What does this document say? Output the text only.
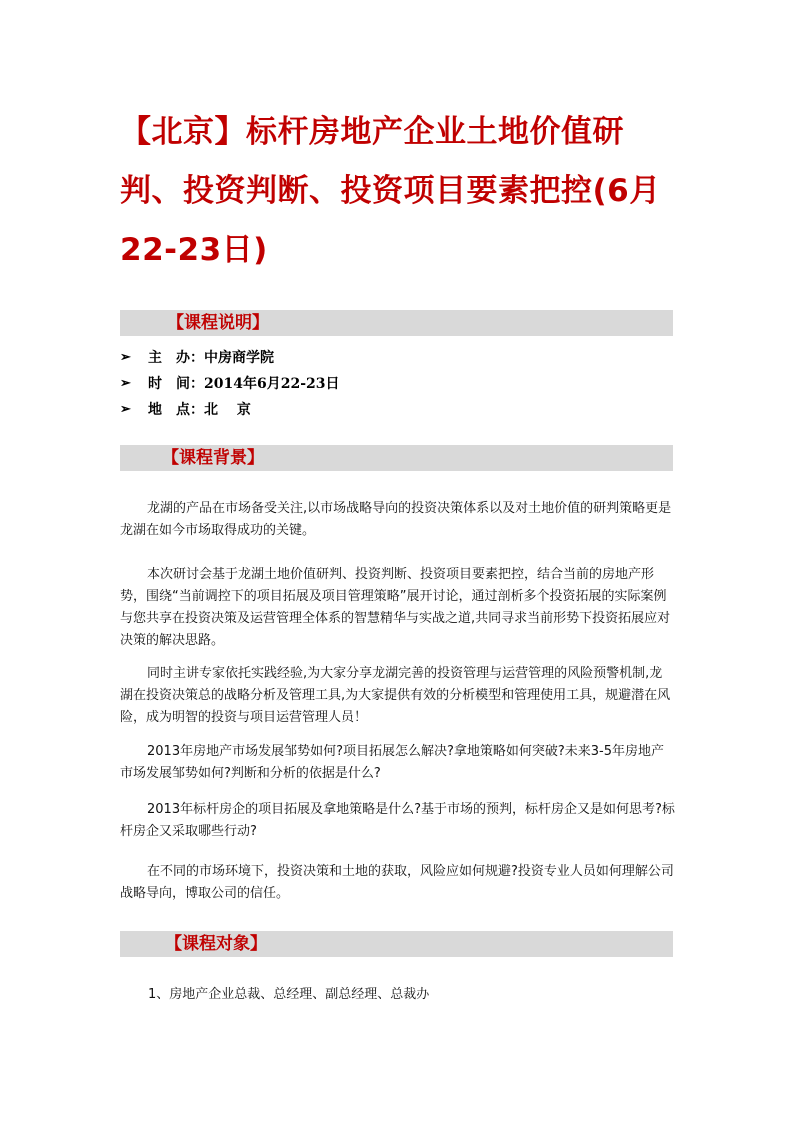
【北京】标杆房地产企业土地价值研判、投资判断、投资项目要素把控(6月22-23日)
【课程说明】
➢ 主　办：中房商学院
➢ 时　间：2014年6月22-23日
➢ 地　点：北　 京
【课程背景】

龙湖的产品在市场备受关注,以市场战略导向的投资决策体系以及对土地价值的研判策略更是龙湖在如今市场取得成功的关键。

本次研讨会基于龙湖土地价值研判、投资判断、投资项目要素把控，结合当前的房地产形势，围绕“当前调控下的项目拓展及项目管理策略”展开讨论，通过剖析多个投资拓展的实际案例与您共享在投资决策及运营管理全体系的智慧精华与实战之道,共同寻求当前形势下投资拓展应对决策的解决思路。

同时主讲专家依托实践经验,为大家分享龙湖完善的投资管理与运营管理的风险预警机制,龙湖在投资决策总的战略分析及管理工具,为大家提供有效的分析模型和管理使用工具，规避潜在风险，成为明智的投资与项目运营管理人员！

2013年房地产市场发展邹势如何?项目拓展怎么解决?拿地策略如何突破?未来3-5年房地产市场发展邹势如何?判断和分析的依据是什么?

2013年标杆房企的项目拓展及拿地策略是什么?基于市场的预判，标杆房企又是如何思考?标杆房企又采取哪些行动?

在不同的市场环境下，投资决策和土地的获取，风险应如何规避?投资专业人员如何理解公司战略导向，博取公司的信任。

【课程对象】

1、房地产企业总裁、总经理、副总经理、总裁办
